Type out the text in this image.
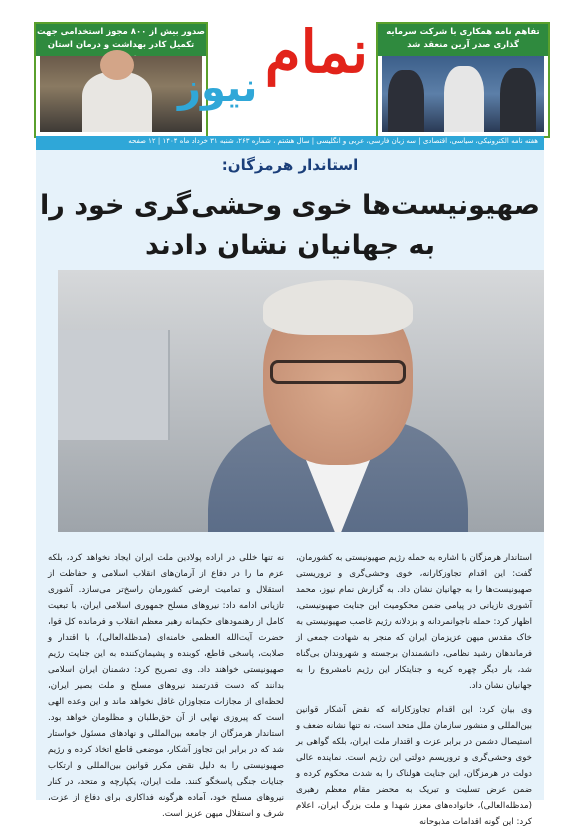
صدور بیش از ۸۰۰ مجوز استخدامی جهت تکمیل کادر بهداشت و درمان استان
تفاهم نامه همکاری با شرکت سرمایه گذاری صدر آرین منعقد شد
نمام
نیوز
هفته نامه الکترونیکی، سیاسی، اقتصادی | سه زبان فارسی، عربی و انگلیسی | سال هشتم ، شماره ۲۶۳، شنبه ۳۱ خرداد ماه ۱۴۰۴ | ۱۲ صفحه
استاندار هرمزگان:
صهیونیست‌ها خوی وحشی‌گری خود را به جهانیان نشان دادند

استاندار هرمزگان با اشاره به حمله رژیم صهیونیستی به کشورمان، گفت: این اقدام تجاوزکارانه، خوی وحشی‌گری و تروریستی صهیونیست‌ها را به جهانیان نشان داد. به گزارش نمام نیوز، محمد آشوری تازیانی در پیامی ضمن محکومیت این جنایت صهیونیستی، اظهار کرد: حمله ناجوانمردانه و بزدلانه رژیم غاصب صهیونیستی به خاک مقدس میهن عزیزمان ایران که منجر به شهادت جمعی از فرماندهان رشید نظامی، دانشمندان برجسته و شهروندان بی‌گناه شد، بار دیگر چهره کریه و جنایتکار این رژیم نامشروع را به جهانیان نشان داد.

وی بیان کرد: این اقدام تجاوزکارانه که نقض آشکار قوانین بین‌المللی و منشور سازمان ملل متحد است، نه تنها نشانه ضعف و استیصال دشمن در برابر عزت و اقتدار ملت ایران، بلکه گواهی بر خوی وحشی‌گری و تروریسم دولتی این رژیم است. نماینده عالی دولت در هرمزگان، این جنایت هولناک را به شدت محکوم کرده و ضمن عرض تسلیت و تبریک به محضر مقام معظم رهبری (مدظله‌العالی)، خانواده‌های معزز شهدا و ملت بزرگ ایران، اعلام کرد: این گونه اقدامات مذبوحانه

نه تنها خللی در اراده پولادین ملت ایران ایجاد نخواهد کرد، بلکه عزم ما را در دفاع از آرمان‌های انقلاب اسلامی و حفاظت از استقلال و تمامیت ارضی کشورمان راسخ‌تر می‌سازد. آشوری تازیانی ادامه داد: نیروهای مسلح جمهوری اسلامی ایران، با تبعیت کامل از رهنمودهای حکیمانه رهبر معظم انقلاب و فرمانده کل قوا، حضرت آیت‌الله العظمی خامنه‌ای (مدظله‌العالی)، با اقتدار و صلابت، پاسخی قاطع، کوبنده و پشیمان‌کننده به این جنایت رژیم صهیونیستی خواهند داد. وی تصریح کرد: دشمنان ایران اسلامی بدانند که دست قدرتمند نیروهای مسلح و ملت بصیر ایران، لحظه‌ای از مجازات متجاوزان غافل نخواهد ماند و این وعده الهی است که پیروزی نهایی از آن حق‌طلبان و مظلومان خواهد بود. استاندار هرمزگان از جامعه بین‌المللی و نهادهای مسئول خواستار شد که در برابر این تجاوز آشکار، موضعی قاطع اتخاذ کرده و رژیم صهیونیستی را به دلیل نقض مکرر قوانین بین‌المللی و ارتکاب جنایات جنگی پاسخگو کنند. ملت ایران، یکپارچه و متحد، در کنار نیروهای مسلح خود، آماده هرگونه فداکاری برای دفاع از عزت، شرف و استقلال میهن عزیز است.
